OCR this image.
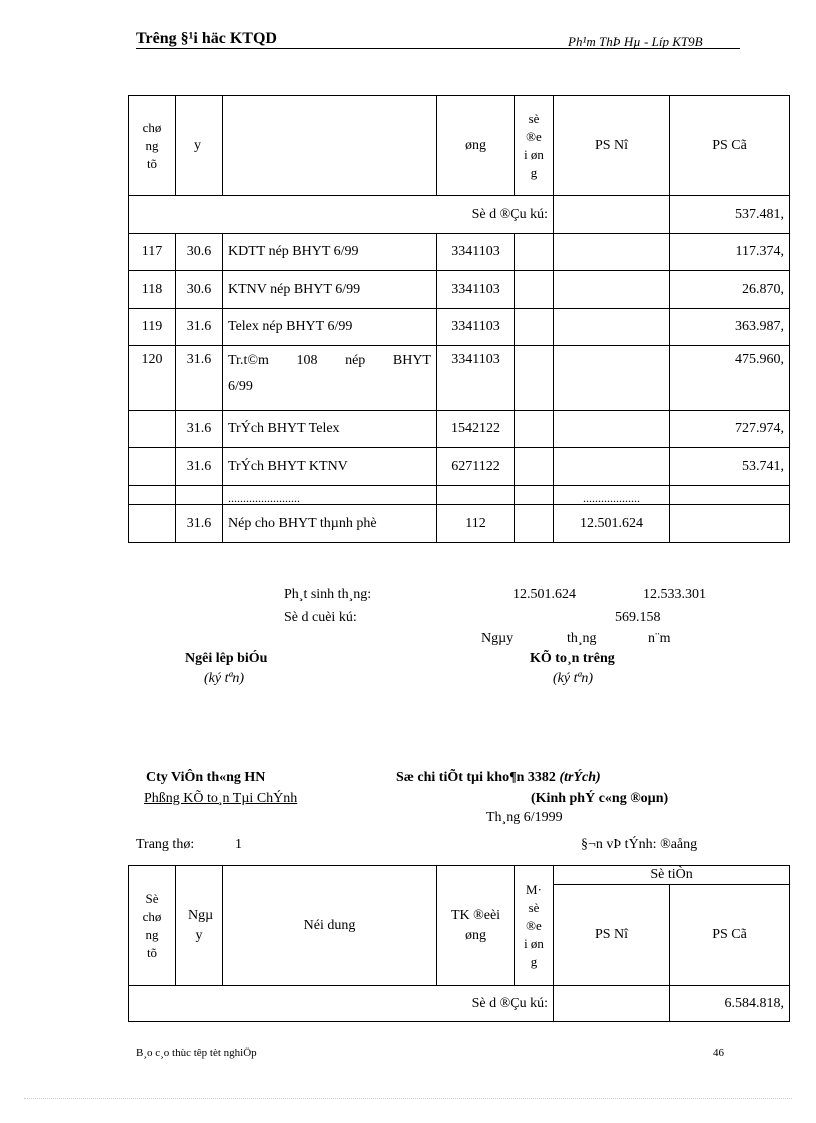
Trêng §¹i häc KTQD	Ph¹m ThÞ Hµ - Líp KT9B
chø ng tõ	y		øng	sè ®e i øn g	PS Nî	PS Cã
Sè d ®Çu kú:						537.481,
117	30.6	KDTT nép BHYT 6/99	3341103			117.374,
118	30.6	KTNV nép BHYT 6/99	3341103			26.870,
119	31.6	Telex nép BHYT 6/99	3341103			363.987,
120	31.6	Tr.t©m 108 nép BHYT 6/99	3341103			475.960,
	31.6	TrÝch BHYT Telex	1542122			727.974,
	31.6	TrÝch BHYT KTNV	6271122			53.741,
		........................			...................	
	31.6	Nép cho BHYT thµnh phè	112		12.501.624	
Ph¸t sinh th¸ng:	12.501.624	12.533.301
Sè d cuèi kú:	569.158
Ngµy	th¸ng	n¨m
Ngêi lêp biÓu	KÕ to¸n trêng
(ký tªn)	(ký tªn)
Cty ViÔn th«ng HN	Sæ chi tiÕt tµi kho¶n 3382 (trÝch)
Phßng KÕ to¸n Tµi ChÝnh	(Kinh phÝ c«ng ®oµn)
Th¸ng 6/1999
Trang thø:	1	§¬n vÞ tÝnh: ®aång
Sè chø ng tõ	Ngµ y	Néi dung	TK ®eèi øng	M· sè ®e i øn g	Sè tiÒn	
					PS Nî	PS Cã
Sè d ®Çu kú:						6.584.818,
B¸o c¸o thùc têp tèt nghiÖp	46
